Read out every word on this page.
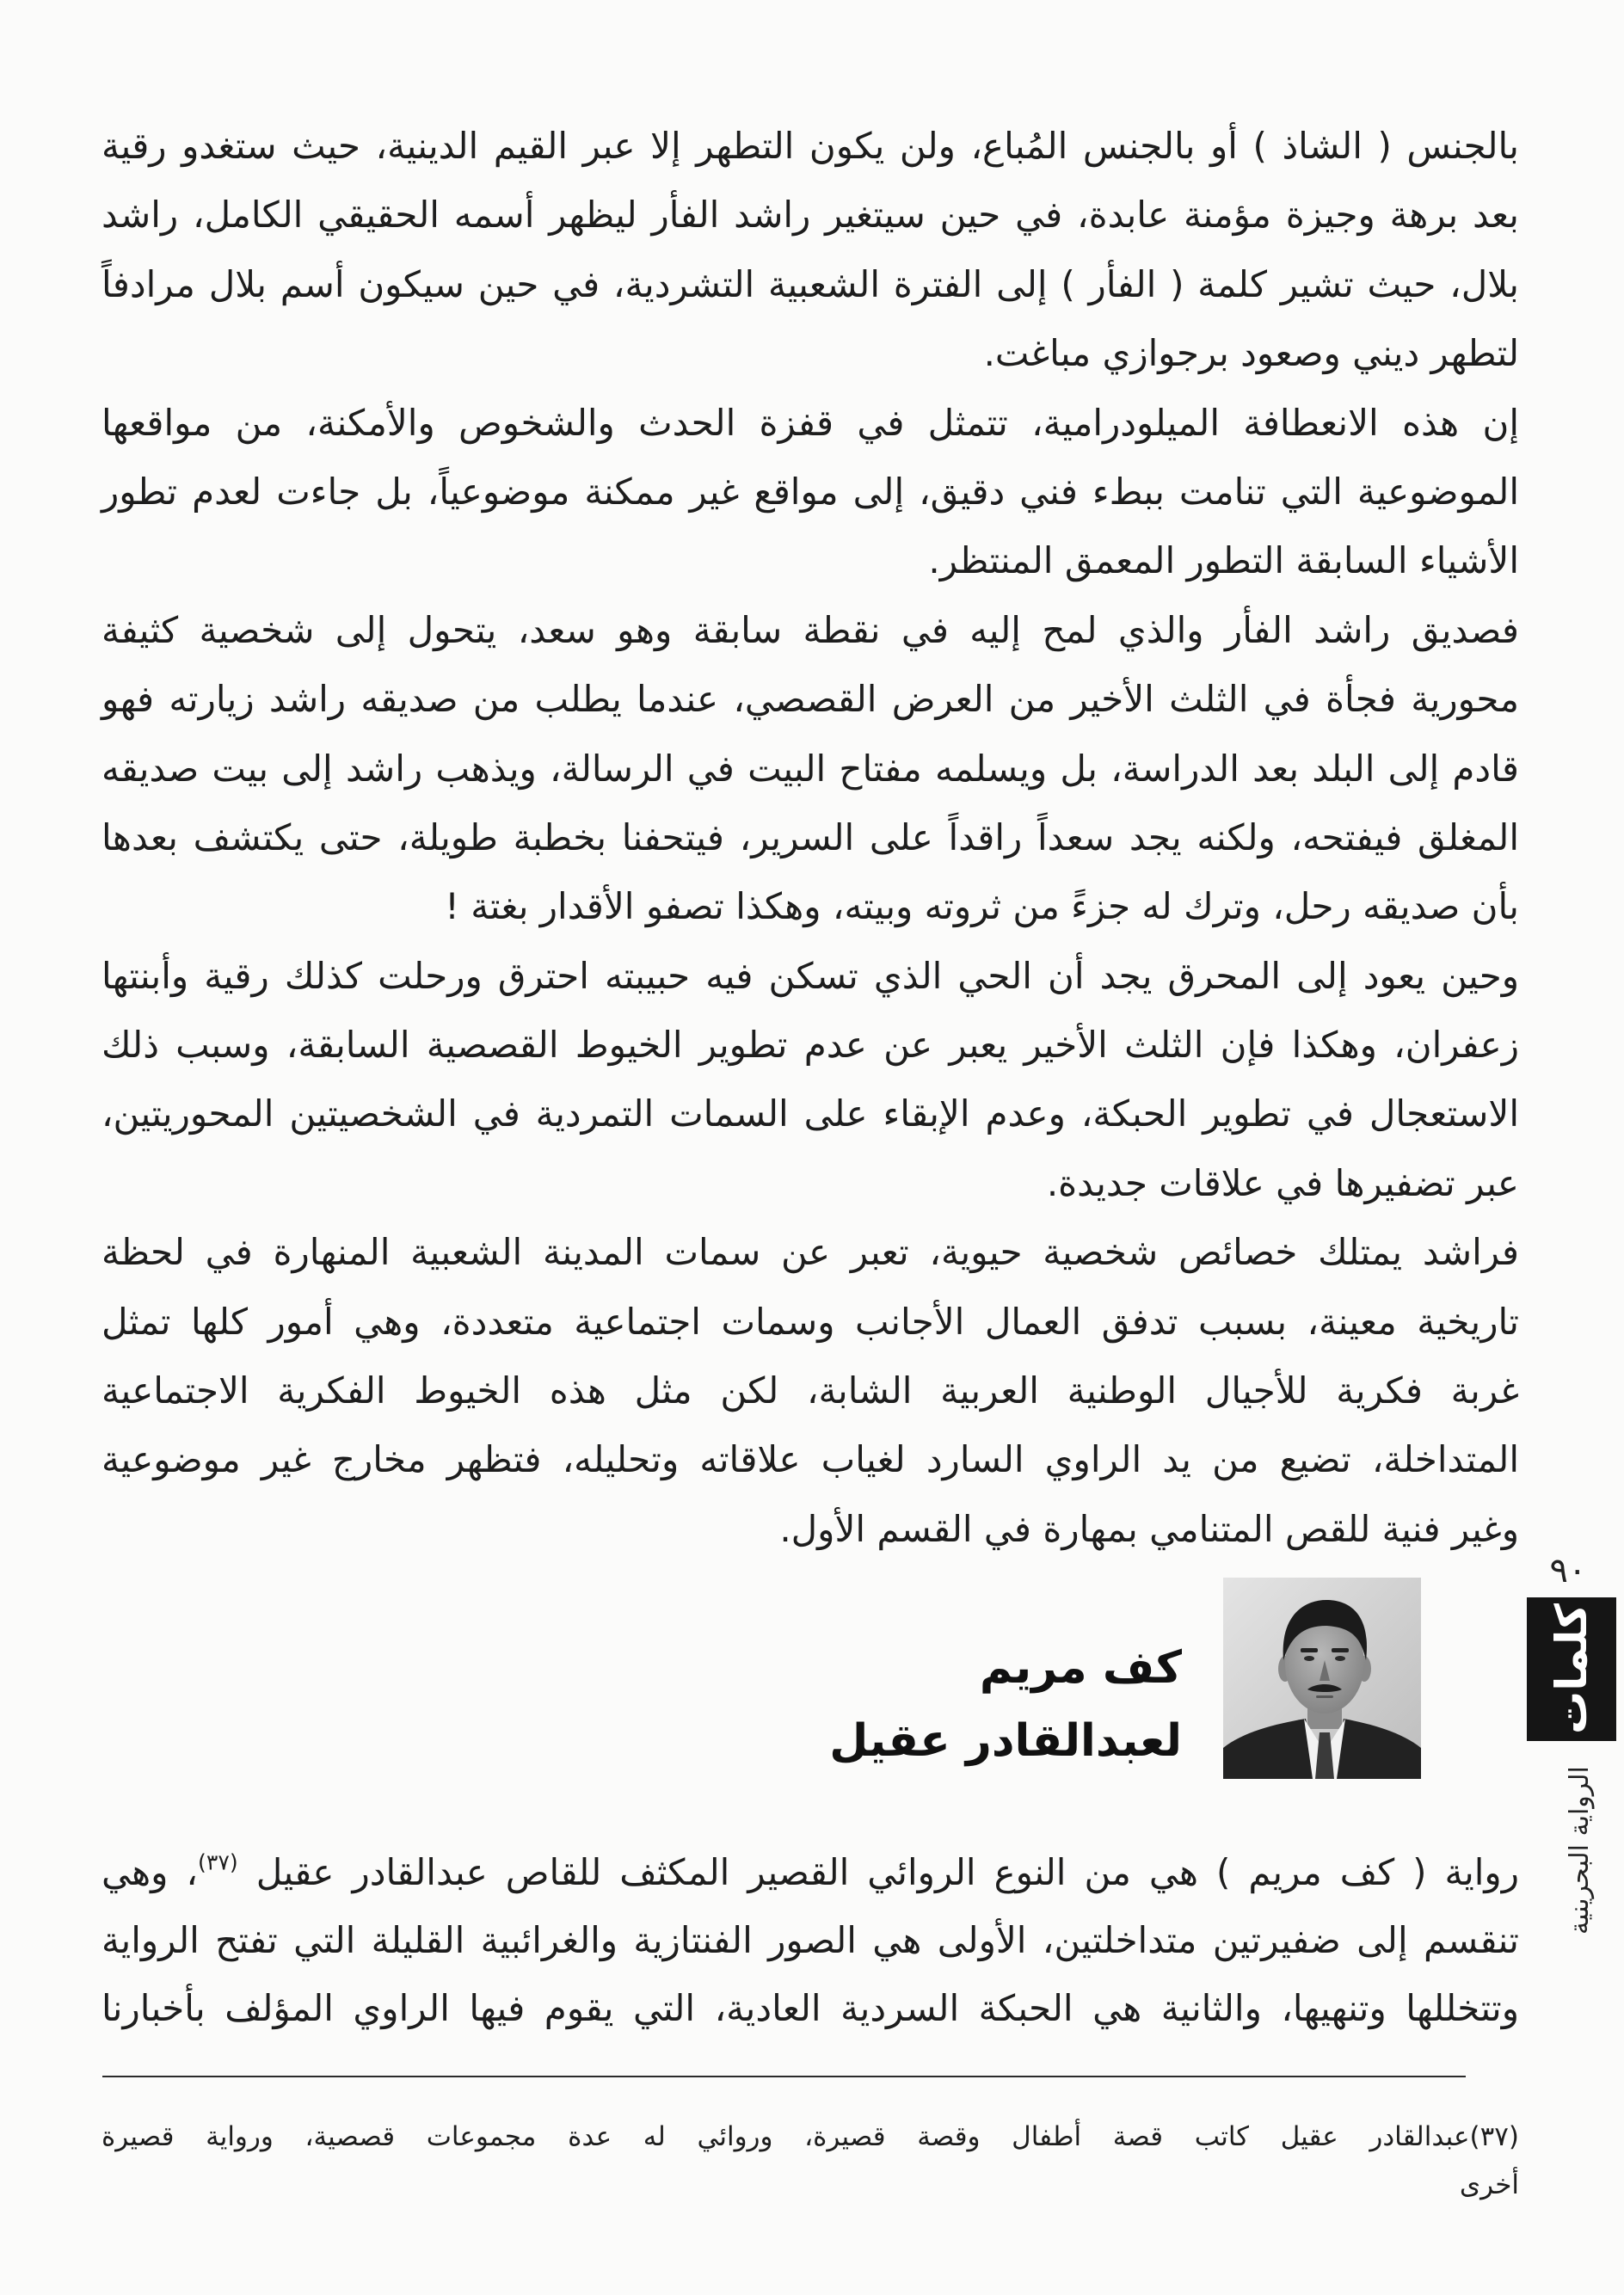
بالجنس ( الشاذ ) أو بالجنس المُباع، ولن يكون التطهر إلا عبر القيم الدينية، حيث ستغدو رقية
بعد برهة وجيزة مؤمنة عابدة، في حين سيتغير راشد الفأر ليظهر أسمه الحقيقي الكامل، راشد
بلال، حيث تشير كلمة ( الفأر ) إلى الفترة الشعبية التشردية، في حين سيكون أسم بلال مرادفاً
لتطهر ديني وصعود برجوازي مباغت.
إن هذه الانعطافة الميلودرامية، تتمثل في قفزة الحدث والشخوص والأمكنة، من مواقعها
الموضوعية التي تنامت ببطء فني دقيق، إلى مواقع غير ممكنة موضوعياً، بل جاءت لعدم تطور
الأشياء السابقة التطور المعمق المنتظر.
فصديق راشد الفأر والذي لمح إليه في نقطة سابقة وهو سعد، يتحول إلى شخصية كثيفة
محورية فجأة في الثلث الأخير من العرض القصصي، عندما يطلب من صديقه راشد زيارته فهو
قادم إلى البلد بعد الدراسة، بل ويسلمه مفتاح البيت في الرسالة، ويذهب راشد إلى بيت صديقه
المغلق فيفتحه، ولكنه يجد سعداً راقداً على السرير، فيتحفنا بخطبة طويلة، حتى يكتشف بعدها
بأن صديقه رحل، وترك له جزءً من ثروته وبيته، وهكذا تصفو الأقدار بغتة !
وحين يعود إلى المحرق يجد أن الحي الذي تسكن فيه حبيبته احترق ورحلت كذلك رقية وأبنتها
زعفران، وهكذا فإن الثلث الأخير يعبر عن عدم تطوير الخيوط القصصية السابقة، وسبب ذلك
الاستعجال في تطوير الحبكة، وعدم الإبقاء على السمات التمردية في الشخصيتين المحوريتين،
عبر تضفيرها في علاقات جديدة.
فراشد يمتلك خصائص شخصية حيوية، تعبر عن سمات المدينة الشعبية المنهارة في لحظة
تاريخية معينة، بسبب تدفق العمال الأجانب وسمات اجتماعية متعددة، وهي أمور كلها تمثل
غربة فكرية للأجيال الوطنية العربية الشابة، لكن مثل هذه الخيوط الفكرية الاجتماعية
المتداخلة، تضيع من يد الراوي السارد لغياب علاقاته وتحليله، فتظهر مخارج غير موضوعية
وغير فنية للقص المتنامي بمهارة في القسم الأول.
كف مريم
لعبدالقادر عقيل
رواية ( كف مريم ) هي من النوع الروائي القصير المكثف للقاص عبدالقادر عقيل $^{(٣٧)}$، وهي
تنقسم إلى ضفيرتين متداخلتين، الأولى هي الصور الفنتازية والغرائبية القليلة التي تفتح الرواية
وتتخللها وتنهيها، والثانية هي الحبكة السردية العادية، التي يقوم فيها الراوي المؤلف بأخبارنا
(٣٧)عبدالقادر عقيل كاتب قصة أطفال وقصة قصيرة، وروائي له عدة مجموعات قصصية، ورواية قصيرة
أخرى
٩٠
كلمات
الرواية البحرينية
